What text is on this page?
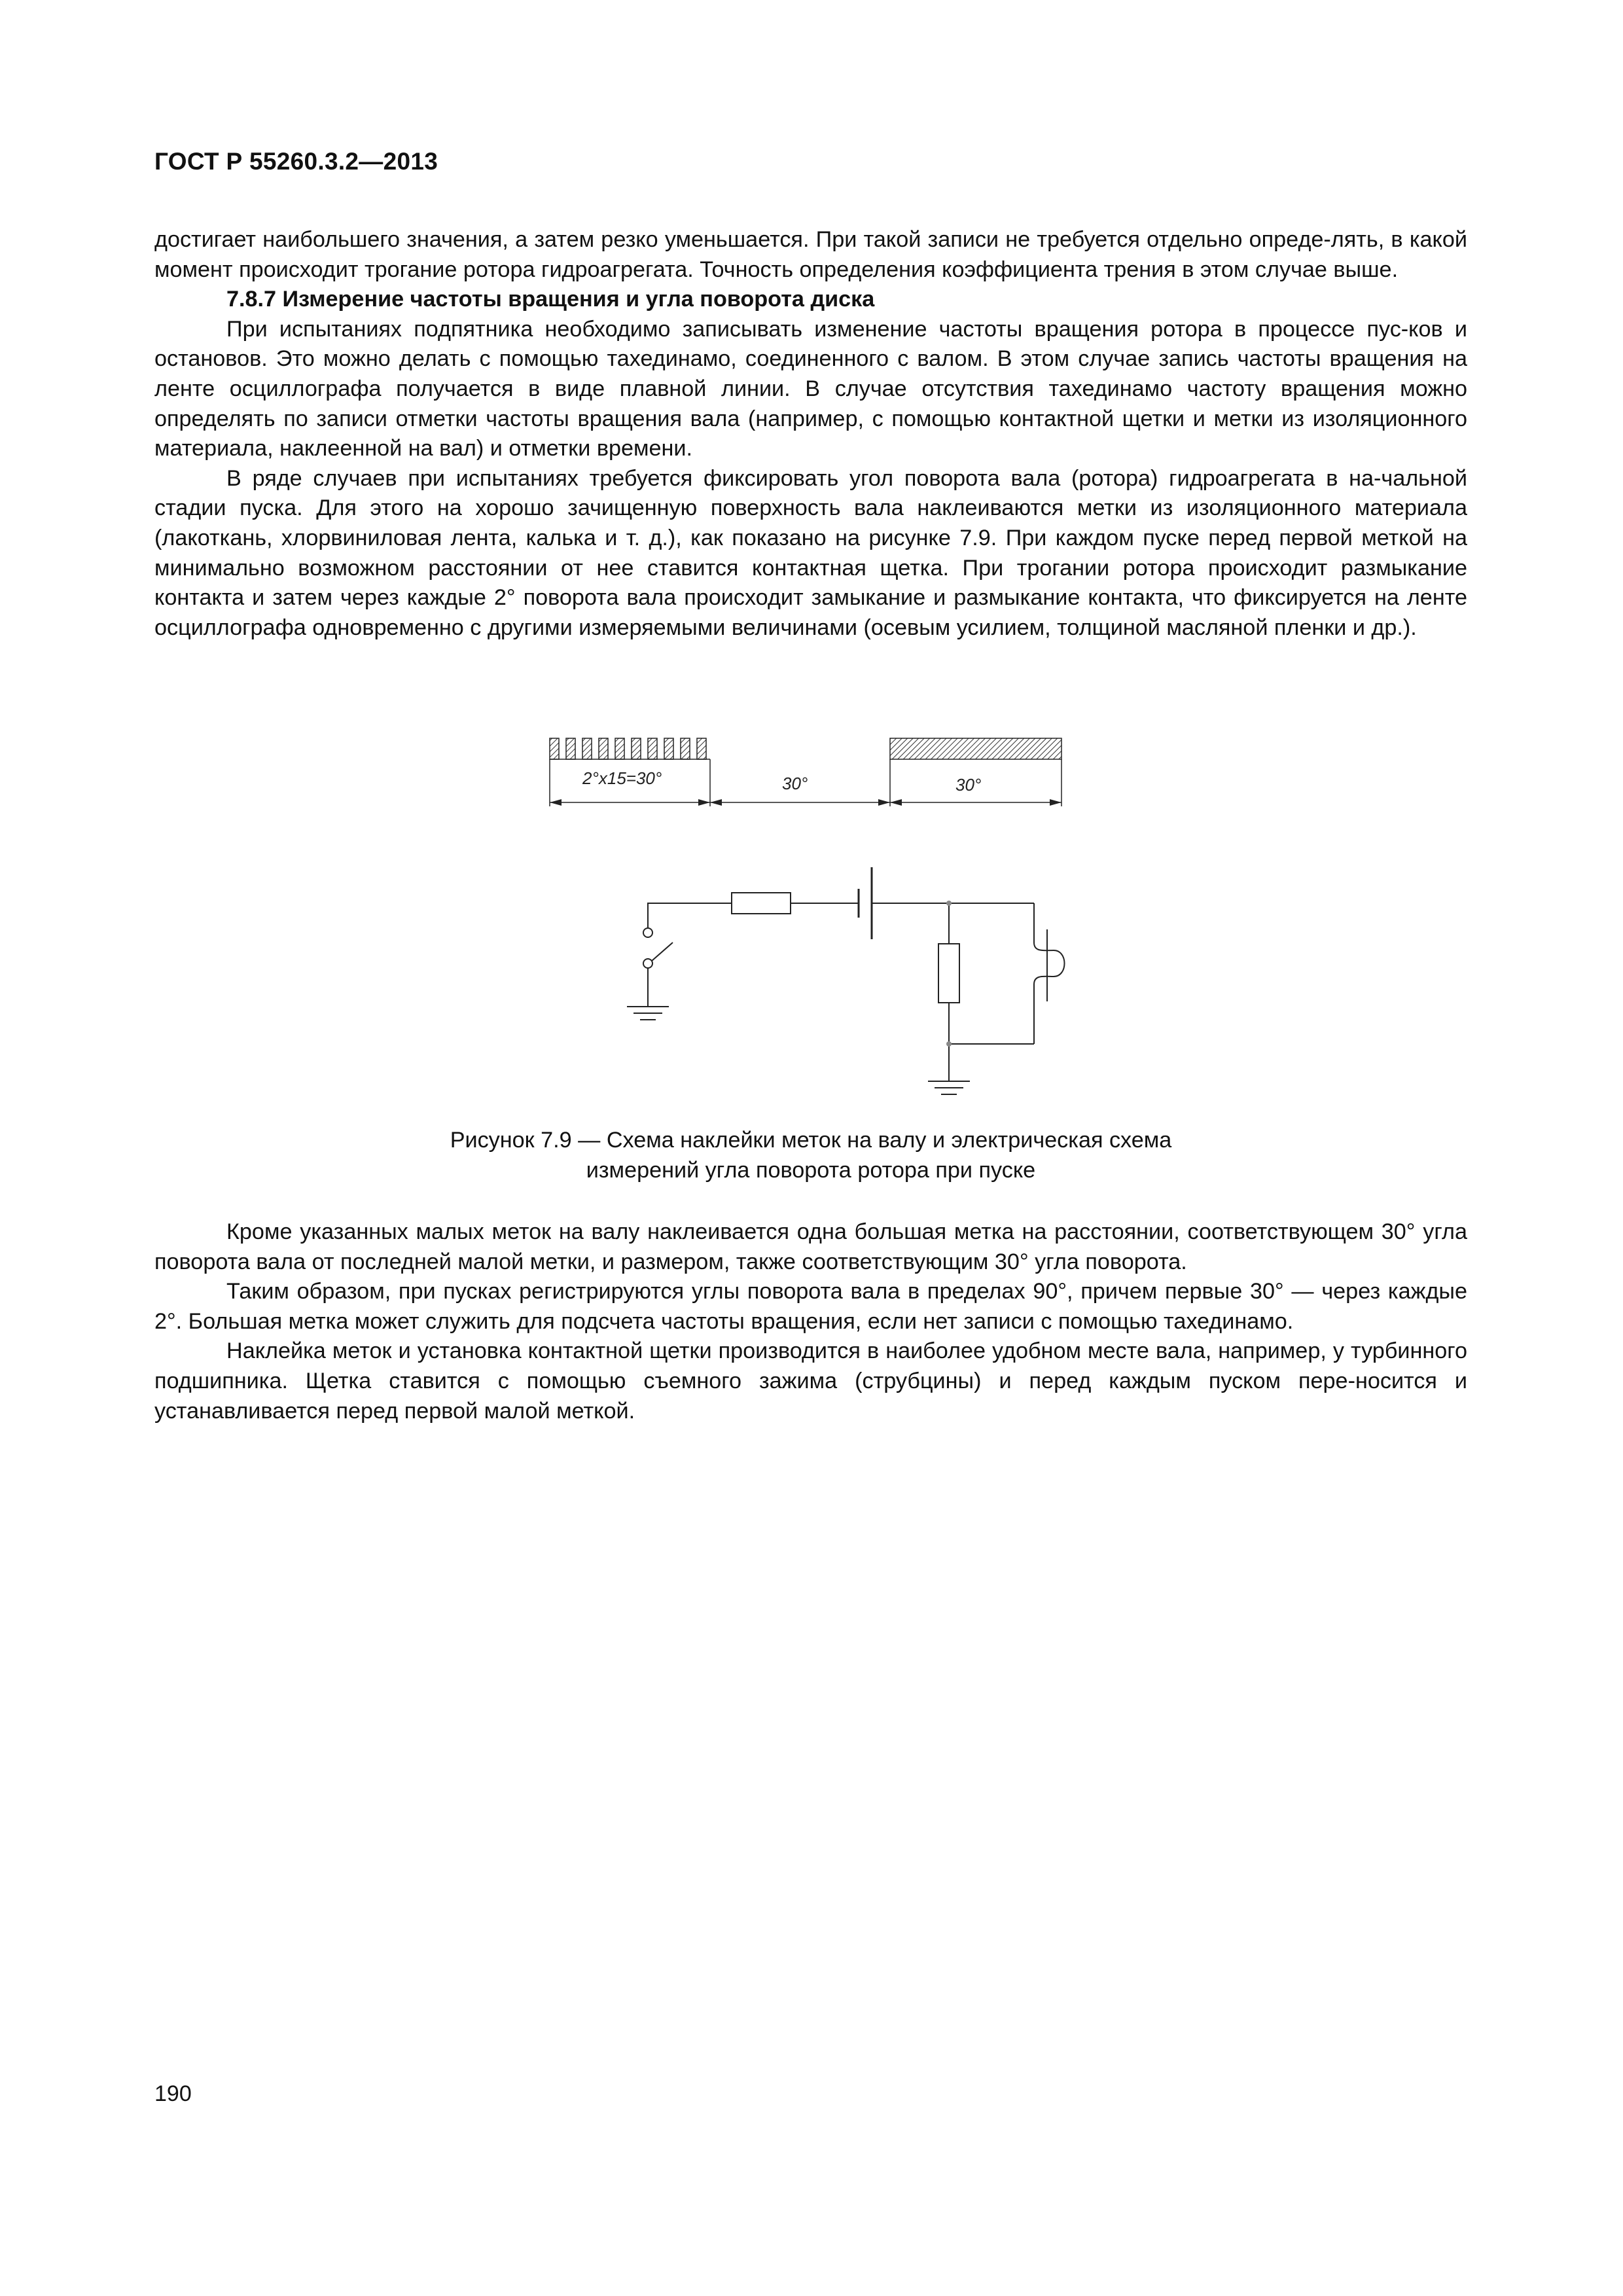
ГОСТ Р 55260.3.2—2013

достигает наибольшего значения, а затем резко уменьшается. При такой записи не требуется отдельно опреде-лять, в какой момент происходит трогание ротора гидроагрегата. Точность определения коэффициента трения в этом случае выше.

7.8.7 Измерение частоты вращения и угла поворота диска

При испытаниях подпятника необходимо записывать изменение частоты вращения ротора в процессе пус-ков и остановов. Это можно делать с помощью тахединамо, соединенного с валом. В этом случае запись частоты вращения на ленте осциллографа получается в виде плавной линии. В случае отсутствия тахединамо частоту вращения можно определять по записи отметки частоты вращения вала (например, с помощью контактной щетки и метки из изоляционного материала, наклеенной на вал) и отметки времени.

В ряде случаев при испытаниях требуется фиксировать угол поворота вала (ротора) гидроагрегата в на-чальной стадии пуска. Для этого на хорошо зачищенную поверхность вала наклеиваются метки из изоляционного материала (лакоткань, хлорвиниловая лента, калька и т. д.), как показано на рисунке 7.9. При каждом пуске перед первой меткой на минимально возможном расстоянии от нее ставится контактная щетка. При трогании ротора происходит размыкание контакта и затем через каждые 2° поворота вала происходит замыкание и размыкание контакта, что фиксируется на ленте осциллографа одновременно с другими измеряемыми величинами (осевым усилием, толщиной масляной пленки и др.).

2°x15=30°	30°	30°
Рисунок 7.9 — Схема наклейки меток на валу и электрическая схема
измерений угла поворота ротора при пуске

Кроме указанных малых меток на валу наклеивается одна большая метка на расстоянии, соответствующем 30° угла поворота вала от последней малой метки, и размером, также соответствующим 30° угла поворота.

Таким образом, при пусках регистрируются углы поворота вала в пределах 90°, причем первые 30° — через каждые 2°. Большая метка может служить для подсчета частоты вращения, если нет записи с помощью тахединамо.

Наклейка меток и установка контактной щетки производится в наиболее удобном месте вала, например, у турбинного подшипника. Щетка ставится с помощью съемного зажима (струбцины) и перед каждым пуском пере-носится и устанавливается перед первой малой меткой.

190
